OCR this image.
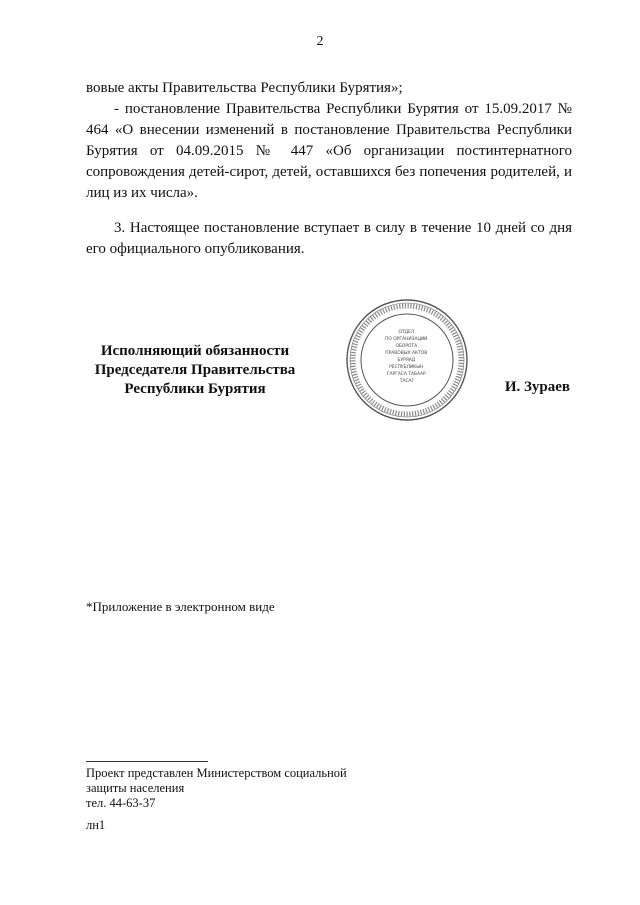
2

вовые акты Правительства Республики Бурятия»;

- постановление Правительства Республики Бурятия от 15.09.2017 № 464 «О внесении изменений в постановление Правительства Республики Бурятия от 04.09.2015 № 447 «Об организации постинтернатного сопровождения детей-сирот, детей, оставшихся без попечения родителей, и лиц из их числа».

3. Настоящее постановление вступает в силу в течение 10 дней со дня его официального опубликования.

Исполняющий обязанности
Председателя Правительства
Республики Бурятия
ОТДЕЛ ПО ОРГАНИЗАЦИИ ОБОРОТА ПРАВОВЫХ АКТОВ БУРЯАД РЕСПУБЛИКЫН ГАРГАСА ТАБААР ТАСАГ	И. Зураев
*Приложение в электронном виде
Проект представлен Министерством социальной
защиты населения
тел. 44-63-37
лн1
